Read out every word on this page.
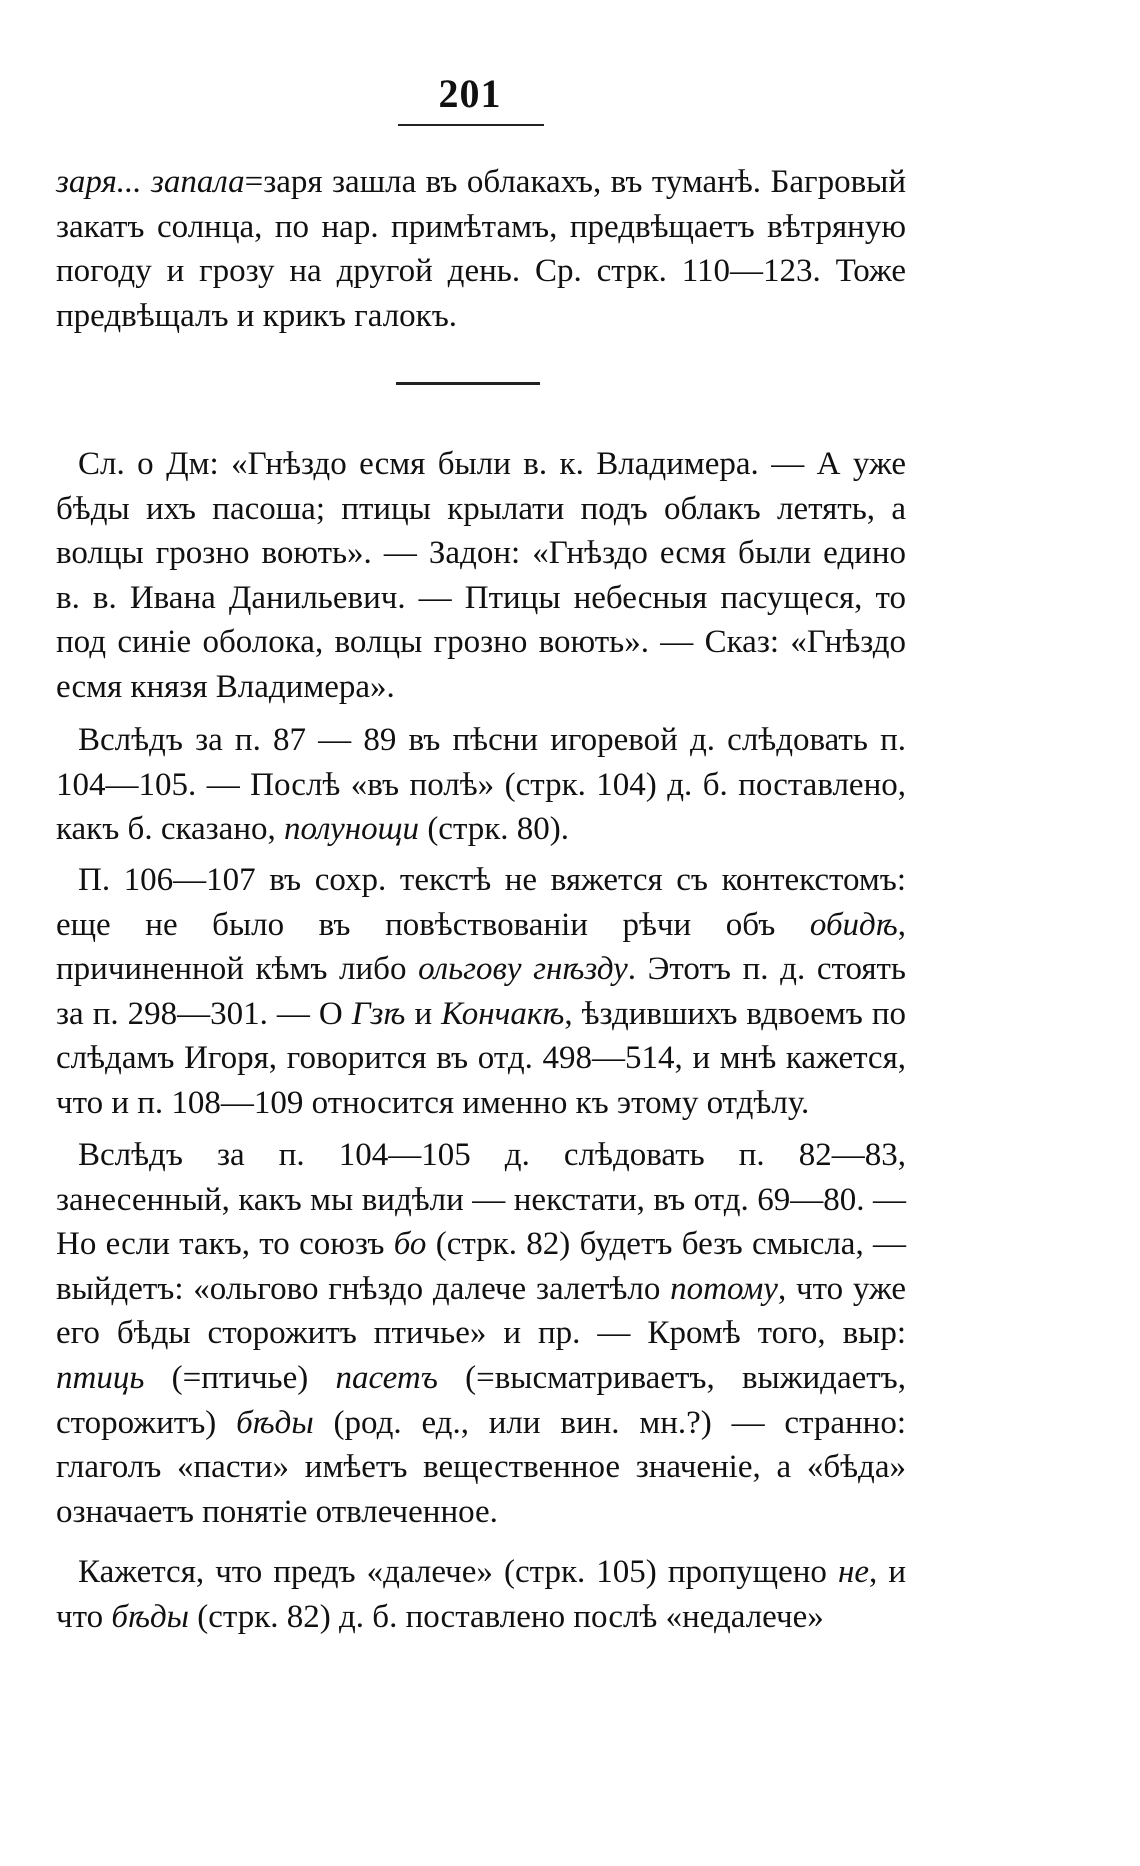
201

заря... запала=заря зашла въ облакахъ, въ туманѣ. Багровый закатъ солнца, по нар. примѣтамъ, предвѣщаетъ вѣтряную погоду и грозу на другой день. Ср. стрк. 110—123. Тоже предвѣщалъ и крикъ галокъ.

Сл. о Дм: «Гнѣздо есмя были в. к. Владимера. — А уже бѣды ихъ пасоша; птицы крылати подъ облакъ летять, а волцы грозно воють». — Задон: «Гнѣздо есмя были едино в. в. Ивана Данильевич. — Птицы небесныя пасущеся, то под синіе оболока, волцы грозно воють». — Сказ: «Гнѣздо есмя князя Владимера».

Вслѣдъ за п. 87 — 89 въ пѣсни игоревой д. слѣдовать п. 104—105. — Послѣ «въ полѣ» (стрк. 104) д. б. поставлено, какъ б. сказано, полунощи (стрк. 80).

П. 106—107 въ сохр. текстѣ не вяжется съ контекстомъ: еще не было въ повѣствованіи рѣчи объ обидѣ, причиненной кѣмъ либо ольгову гнѣзду. Этотъ п. д. стоять за п. 298—301. — О Гзѣ и Кончакѣ, ѣздившихъ вдвоемъ по слѣдамъ Игоря, говорится въ отд. 498—514, и мнѣ кажется, что и п. 108—109 относится именно къ этому отдѣлу.

Вслѣдъ за п. 104—105 д. слѣдовать п. 82—83, занесенный, какъ мы видѣли — некстати, въ отд. 69—80. — Но если такъ, то союзъ бо (стрк. 82) будетъ безъ смысла, — выйдетъ: «ольгово гнѣздо далече залетѣло потому, что уже его бѣды сторожитъ птичье» и пр. — Кромѣ того, выр: птиць (=птичье) пасетъ (=высматриваетъ, выжидаетъ, сторожитъ) бѣды (род. ед., или вин. мн.?) — странно: глаголъ «пасти» имѣетъ вещественное значеніе, а «бѣда» означаетъ понятіе отвлеченное.

Кажется, что предъ «далече» (стрк. 105) пропущено не, и что бѣды (стрк. 82) д. б. поставлено послѣ «недалече»
